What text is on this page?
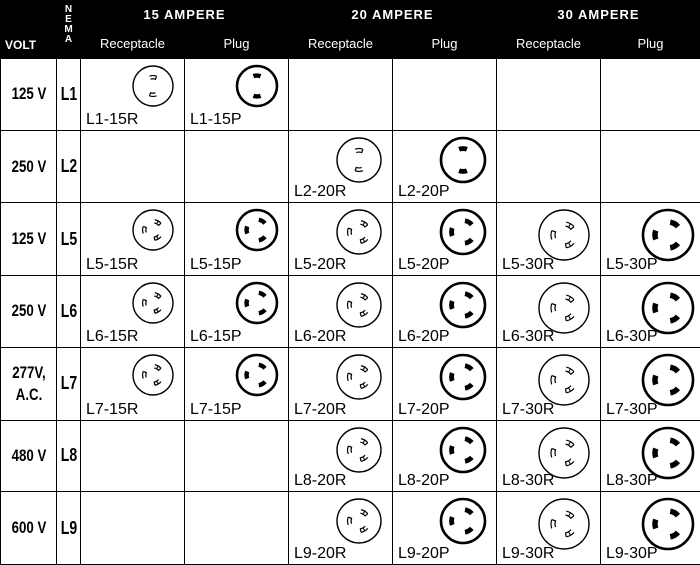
VOLT	N
E
M
A	15 AMPERE		20 AMPERE		30 AMPERE	
		Receptacle	Plug	Receptacle	Plug	Receptacle	Plug

125 V	L1	L1-15R	L1-15P				

250 V	L2			L2-20R	L2-20P		

125 V	L5	L5-15R	L5-15P	L5-20R	L5-20P	L5-30R	L5-30P

250 V	L6	L6-15R	L6-15P	L6-20R	L6-20P	L6-30R	L6-30P

277V,
A.C.	L7	L7-15R	L7-15P	L7-20R	L7-20P	L7-30R	L7-30P

480 V	L8			L8-20R	L8-20P	L8-30R	L8-30P

600 V	L9			L9-20R	L9-20P	L9-30R	L9-30P
